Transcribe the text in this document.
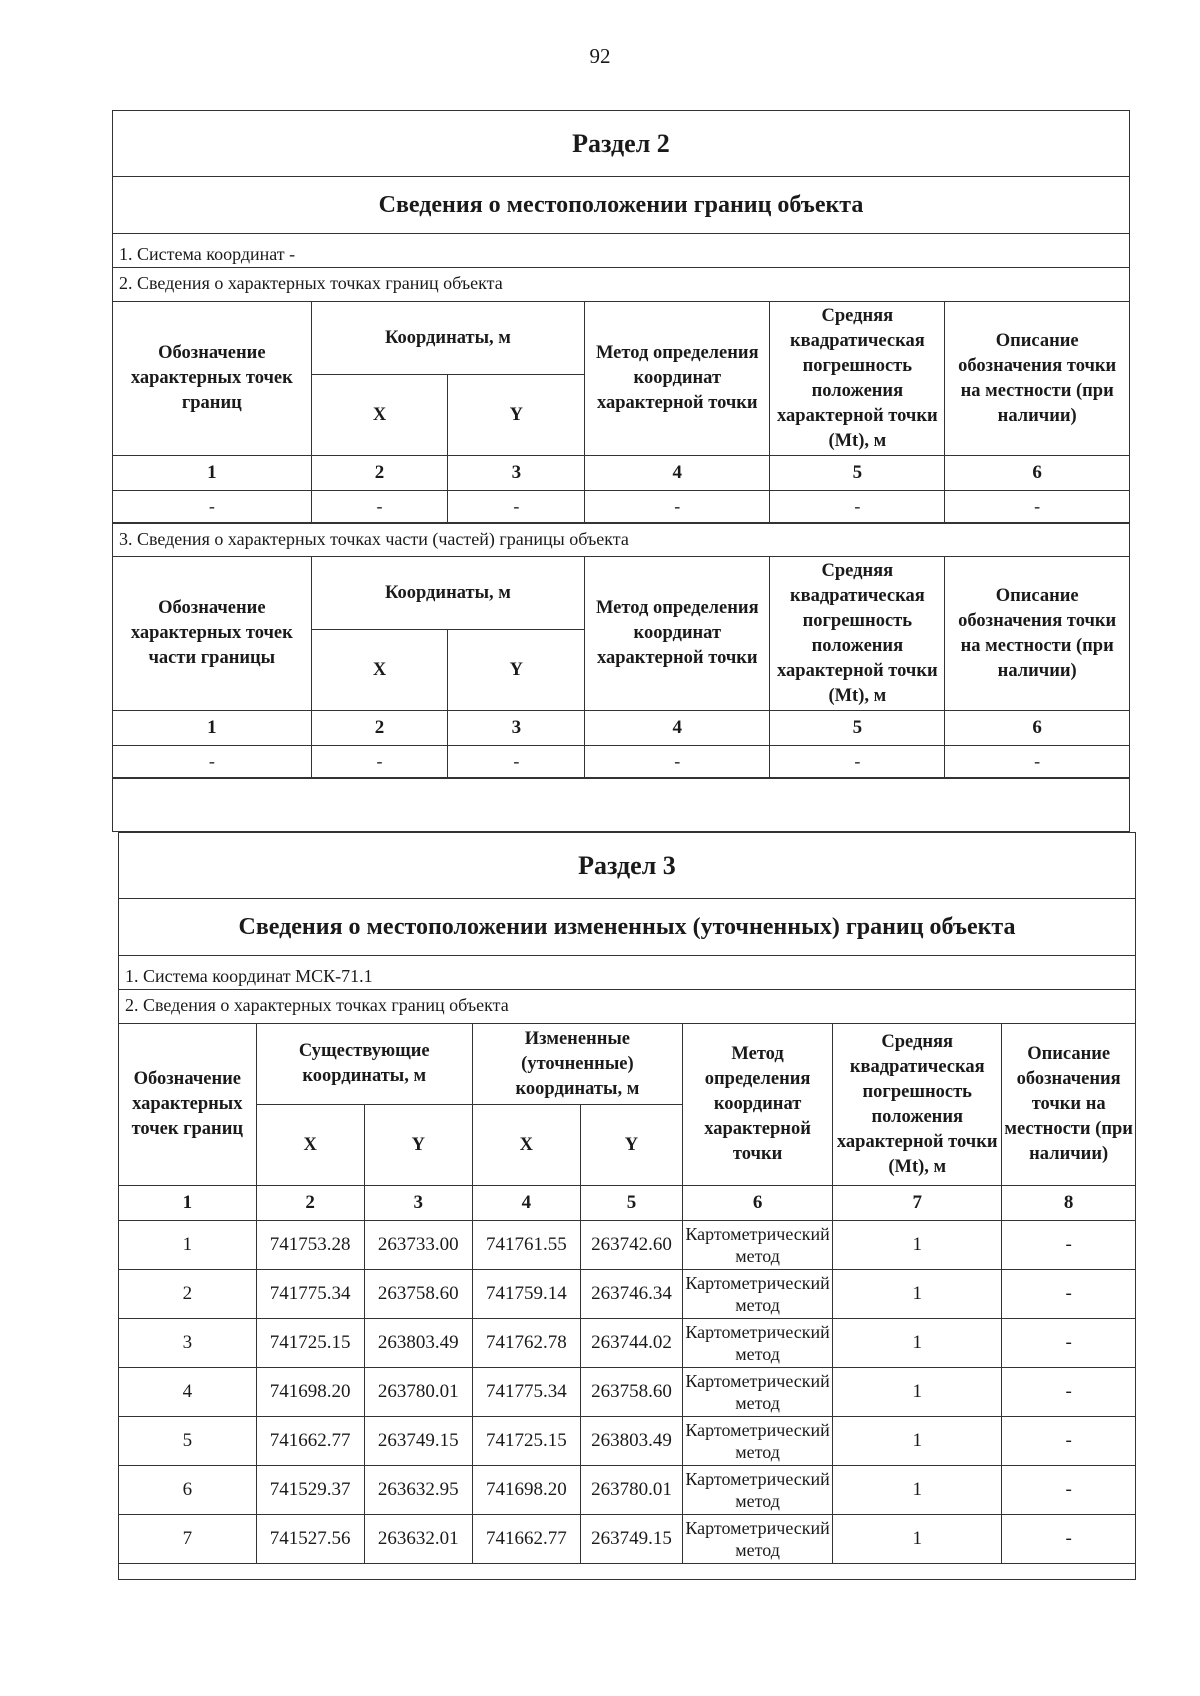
92
Раздел 2
Сведения о местоположении границ объекта
1. Система координат -
2. Сведения о характерных точках границ объекта
Обозначение характерных точек границ	Координаты, м		Метод определения координат характерной точки	Средняя квадратическая погрешность положения характерной точки (Mt), м	Описание обозначения точки на местности (при наличии)
	X	Y			
1	2	3	4	5	6
-	-	-	-	-	-
3. Сведения о характерных точках части (частей) границы объекта
Обозначение характерных точек части границы	Координаты, м		Метод определения координат характерной точки	Средняя квадратическая погрешность положения характерной точки (Mt), м	Описание обозначения точки на местности (при наличии)
	X	Y			
1	2	3	4	5	6
-	-	-	-	-	-
Раздел 3
Сведения о местоположении измененных (уточненных) границ объекта
1. Система координат МСК-71.1
2. Сведения о характерных точках границ объекта
Обозначение характерных точек границ	Существующие координаты, м		Измененные (уточненные) координаты, м		Метод определения координат характерной точки	Средняя квадратическая погрешность положения характерной точки (Mt), м	Описание обозначения точки на местности (при наличии)
	X	Y	X	Y			
1	2	3	4	5	6	7	8
1	741753.28	263733.00	741761.55	263742.60	Картометрический метод	1	-
2	741775.34	263758.60	741759.14	263746.34	Картометрический метод	1	-
3	741725.15	263803.49	741762.78	263744.02	Картометрический метод	1	-
4	741698.20	263780.01	741775.34	263758.60	Картометрический метод	1	-
5	741662.77	263749.15	741725.15	263803.49	Картометрический метод	1	-
6	741529.37	263632.95	741698.20	263780.01	Картометрический метод	1	-
7	741527.56	263632.01	741662.77	263749.15	Картометрический метод	1	-
